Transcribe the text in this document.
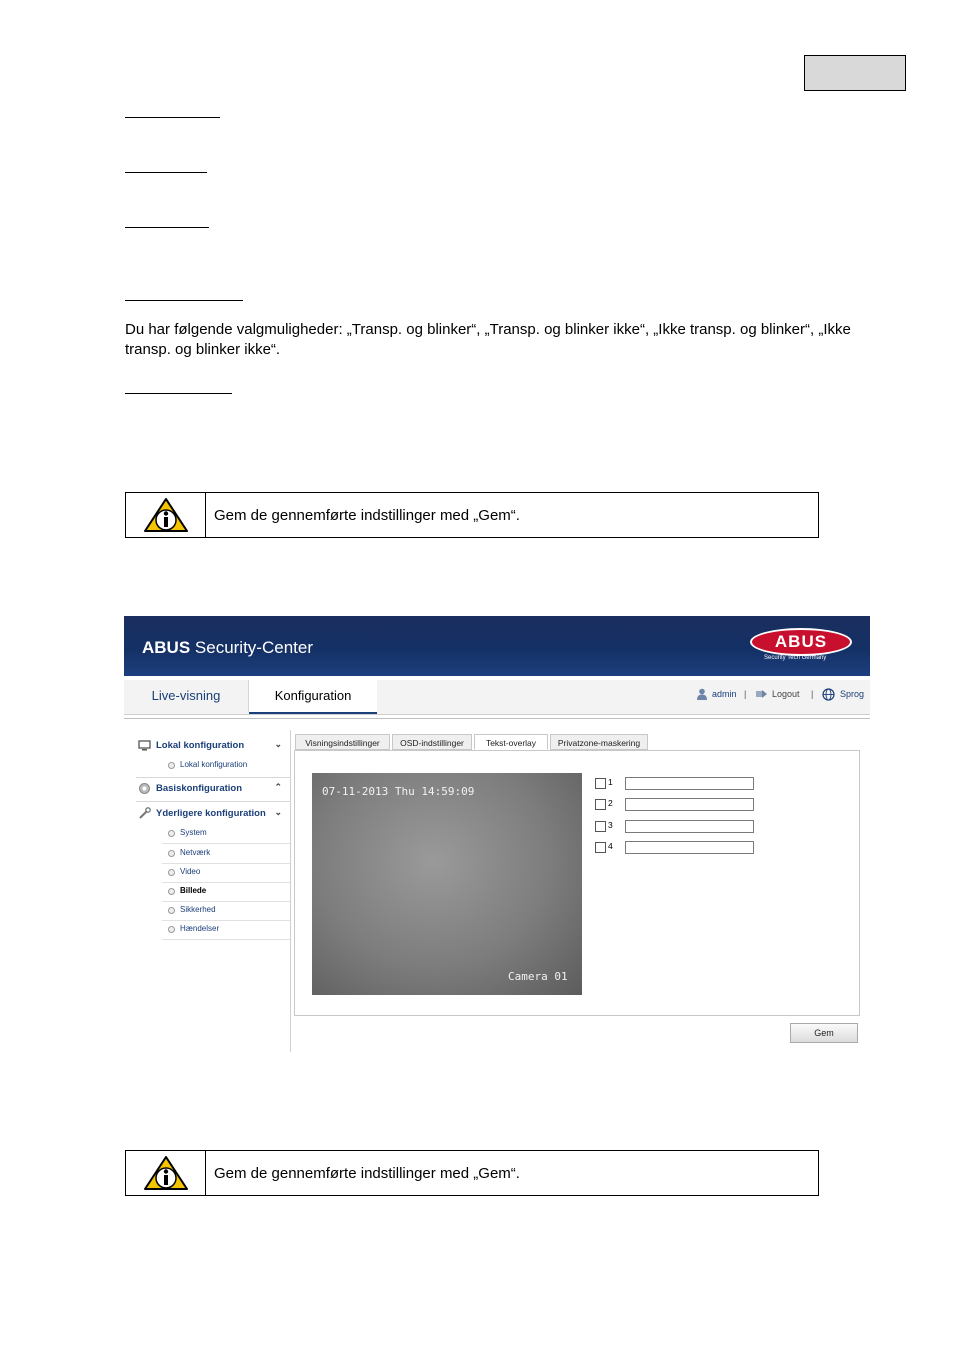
Du har følgende valgmuligheder: „Transp. og blinker“, „Transp. og blinker ikke“, „Ikke transp. og blinker“, „Ikke transp. og blinker ikke“.
Gem de gennemførte indstillinger med „Gem“.
ABUS Security-Center	ABUS
Security Tech Germany
Live-visning	Konfiguration	admin |	Logout |	Sprog
Lokal konfiguration	⌄
Lokal konfiguration
Basiskonfiguration	⌃
Yderligere konfiguration ⌄
System
Netværk
Video
Billede
Sikkerhed
Hændelser
Visningsindstillinger	OSD-indstillinger	Tekst-overlay	Privatzone-maskering
07-11-2013 Thu 14:59:09
Camera 01
1
2
3
4
Gem
Gem de gennemførte indstillinger med „Gem“.
